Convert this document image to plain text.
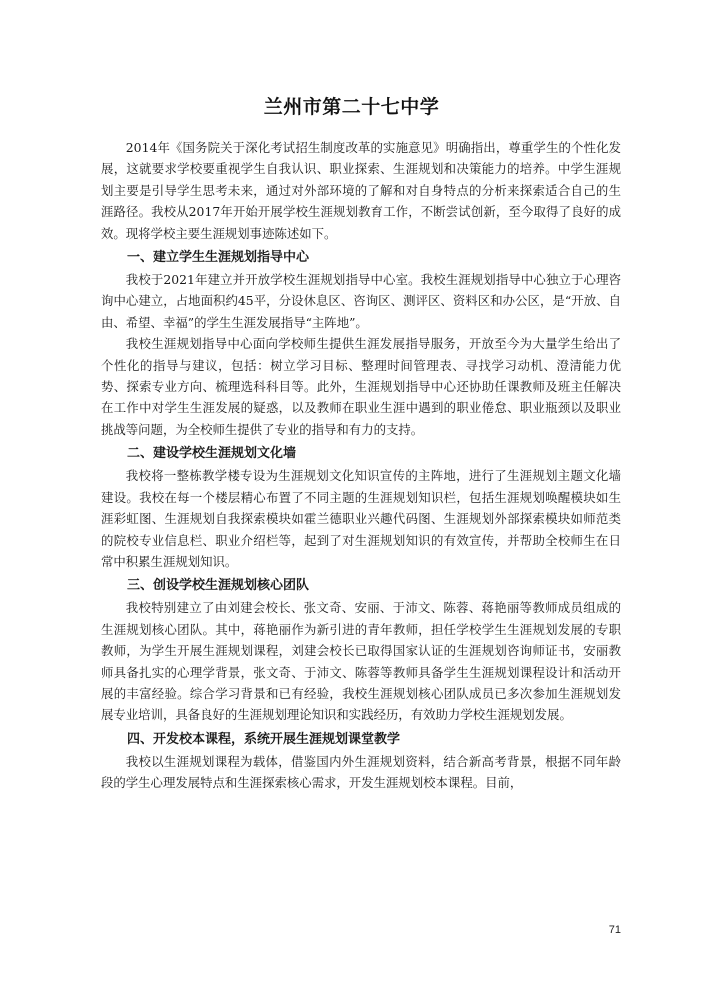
兰州市第二十七中学

2014年《国务院关于深化考试招生制度改革的实施意见》明确指出，尊重学生的个性化发展，这就要求学校要重视学生自我认识、职业探索、生涯规划和决策能力的培养。中学生涯规划主要是引导学生思考未来，通过对外部环境的了解和对自身特点的分析来探索适合自己的生涯路径。我校从2017年开始开展学校生涯规划教育工作，不断尝试创新，至今取得了良好的成效。现将学校主要生涯规划事迹陈述如下。

一、建立学生生涯规划指导中心

我校于2021年建立并开放学校生涯规划指导中心室。我校生涯规划指导中心独立于心理咨询中心建立，占地面积约45平，分设休息区、咨询区、测评区、资料区和办公区，是“开放、自由、希望、幸福”的学生生涯发展指导“主阵地”。

我校生涯规划指导中心面向学校师生提供生涯发展指导服务，开放至今为大量学生给出了个性化的指导与建议，包括：树立学习目标、整理时间管理表、寻找学习动机、澄清能力优势、探索专业方向、梳理选科科目等。此外，生涯规划指导中心还协助任课教师及班主任解决在工作中对学生生涯发展的疑惑，以及教师在职业生涯中遇到的职业倦怠、职业瓶颈以及职业挑战等问题，为全校师生提供了专业的指导和有力的支持。

二、建设学校生涯规划文化墙

我校将一整栋教学楼专设为生涯规划文化知识宣传的主阵地，进行了生涯规划主题文化墙建设。我校在每一个楼层精心布置了不同主题的生涯规划知识栏，包括生涯规划唤醒模块如生涯彩虹图、生涯规划自我探索模块如霍兰德职业兴趣代码图、生涯规划外部探索模块如师范类的院校专业信息栏、职业介绍栏等，起到了对生涯规划知识的有效宣传，并帮助全校师生在日常中积累生涯规划知识。

三、创设学校生涯规划核心团队

我校特别建立了由刘建会校长、张文奇、安丽、于沛文、陈蓉、蒋艳丽等教师成员组成的生涯规划核心团队。其中，蒋艳丽作为新引进的青年教师，担任学校学生生涯规划发展的专职教师，为学生开展生涯规划课程，刘建会校长已取得国家认证的生涯规划咨询师证书，安丽教师具备扎实的心理学背景，张文奇、于沛文、陈蓉等教师具备学生生涯规划课程设计和活动开展的丰富经验。综合学习背景和已有经验，我校生涯规划核心团队成员已多次参加生涯规划发展专业培训，具备良好的生涯规划理论知识和实践经历，有效助力学校生涯规划发展。

四、开发校本课程，系统开展生涯规划课堂教学

我校以生涯规划课程为载体，借鉴国内外生涯规划资料，结合新高考背景，根据不同年龄段的学生心理发展特点和生涯探索核心需求，开发生涯规划校本课程。目前，

71
